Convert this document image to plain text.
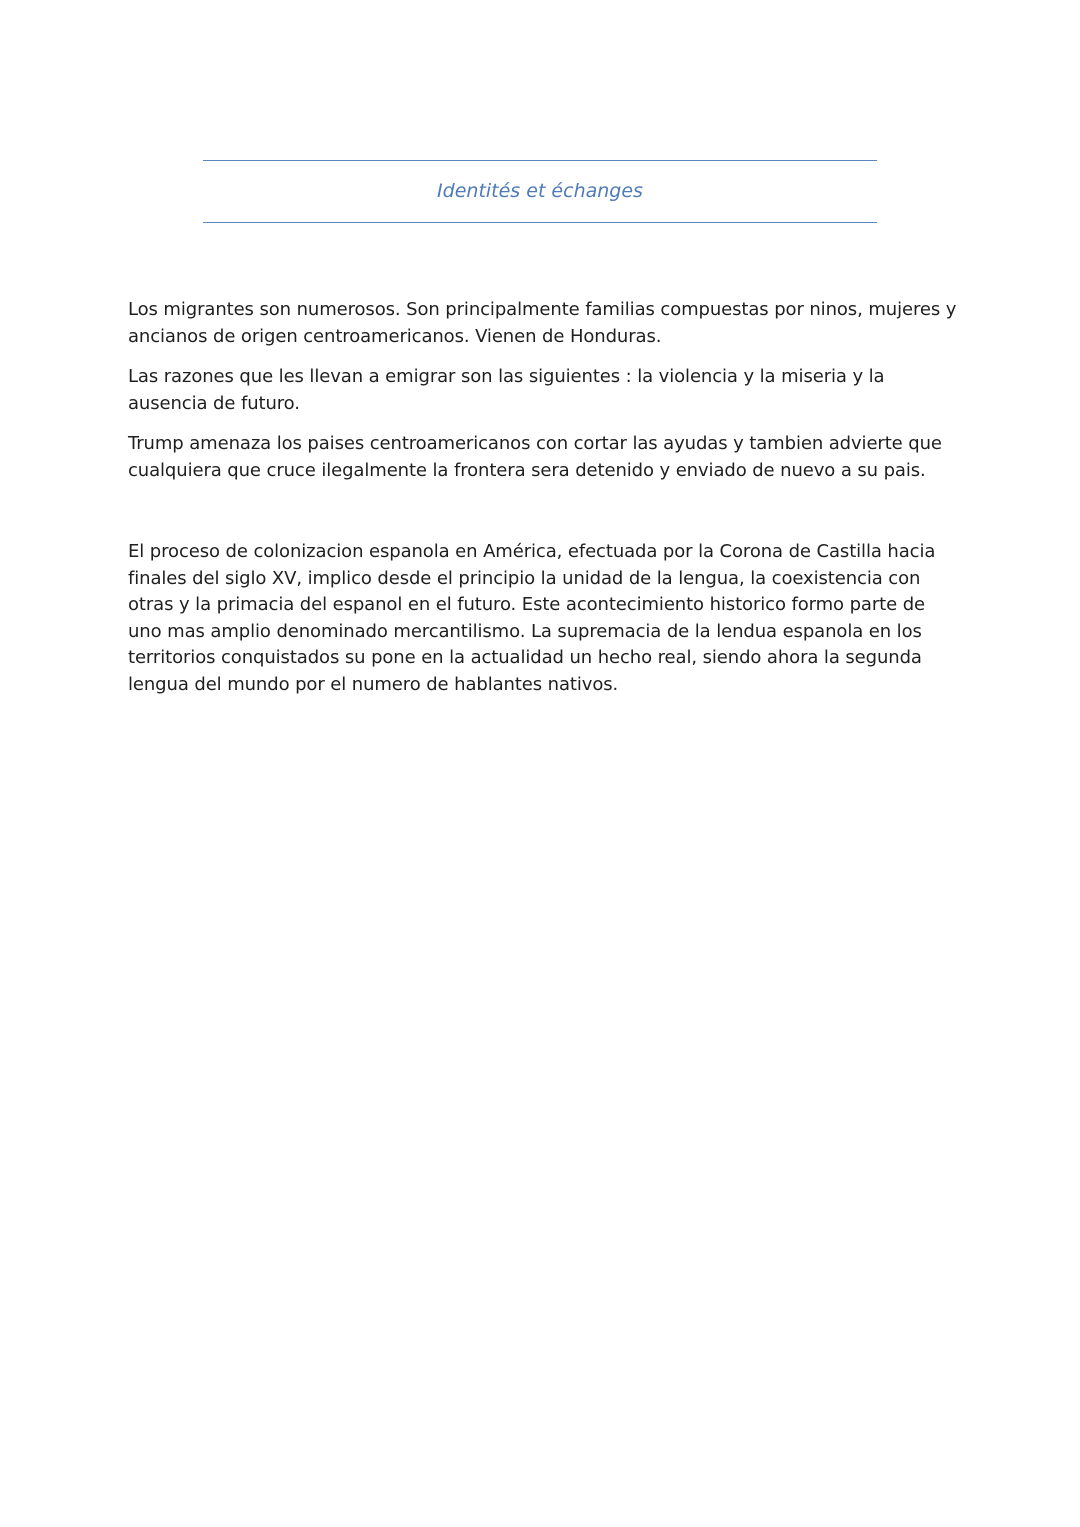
Identités et échanges

Los migrantes son numerosos. Son principalmente familias compuestas por ninos, mujeres y ancianos de origen centroamericanos. Vienen de Honduras.

Las razones que les llevan a emigrar son las siguientes : la violencia y la miseria y la ausencia de futuro.

Trump amenaza los paises centroamericanos con cortar las ayudas y tambien advierte que cualquiera que cruce ilegalmente la frontera sera detenido y enviado de nuevo a su pais.

El proceso de colonizacion espanola en América, efectuada por la Corona de Castilla hacia finales del siglo XV, implico desde el principio la unidad de la lengua, la coexistencia con otras y la primacia del espanol en el futuro. Este acontecimiento historico formo parte de uno mas amplio denominado mercantilismo. La supremacia de la lendua espanola en los territorios conquistados su pone en la actualidad un hecho real, siendo ahora la segunda lengua del mundo por el numero de hablantes nativos.
